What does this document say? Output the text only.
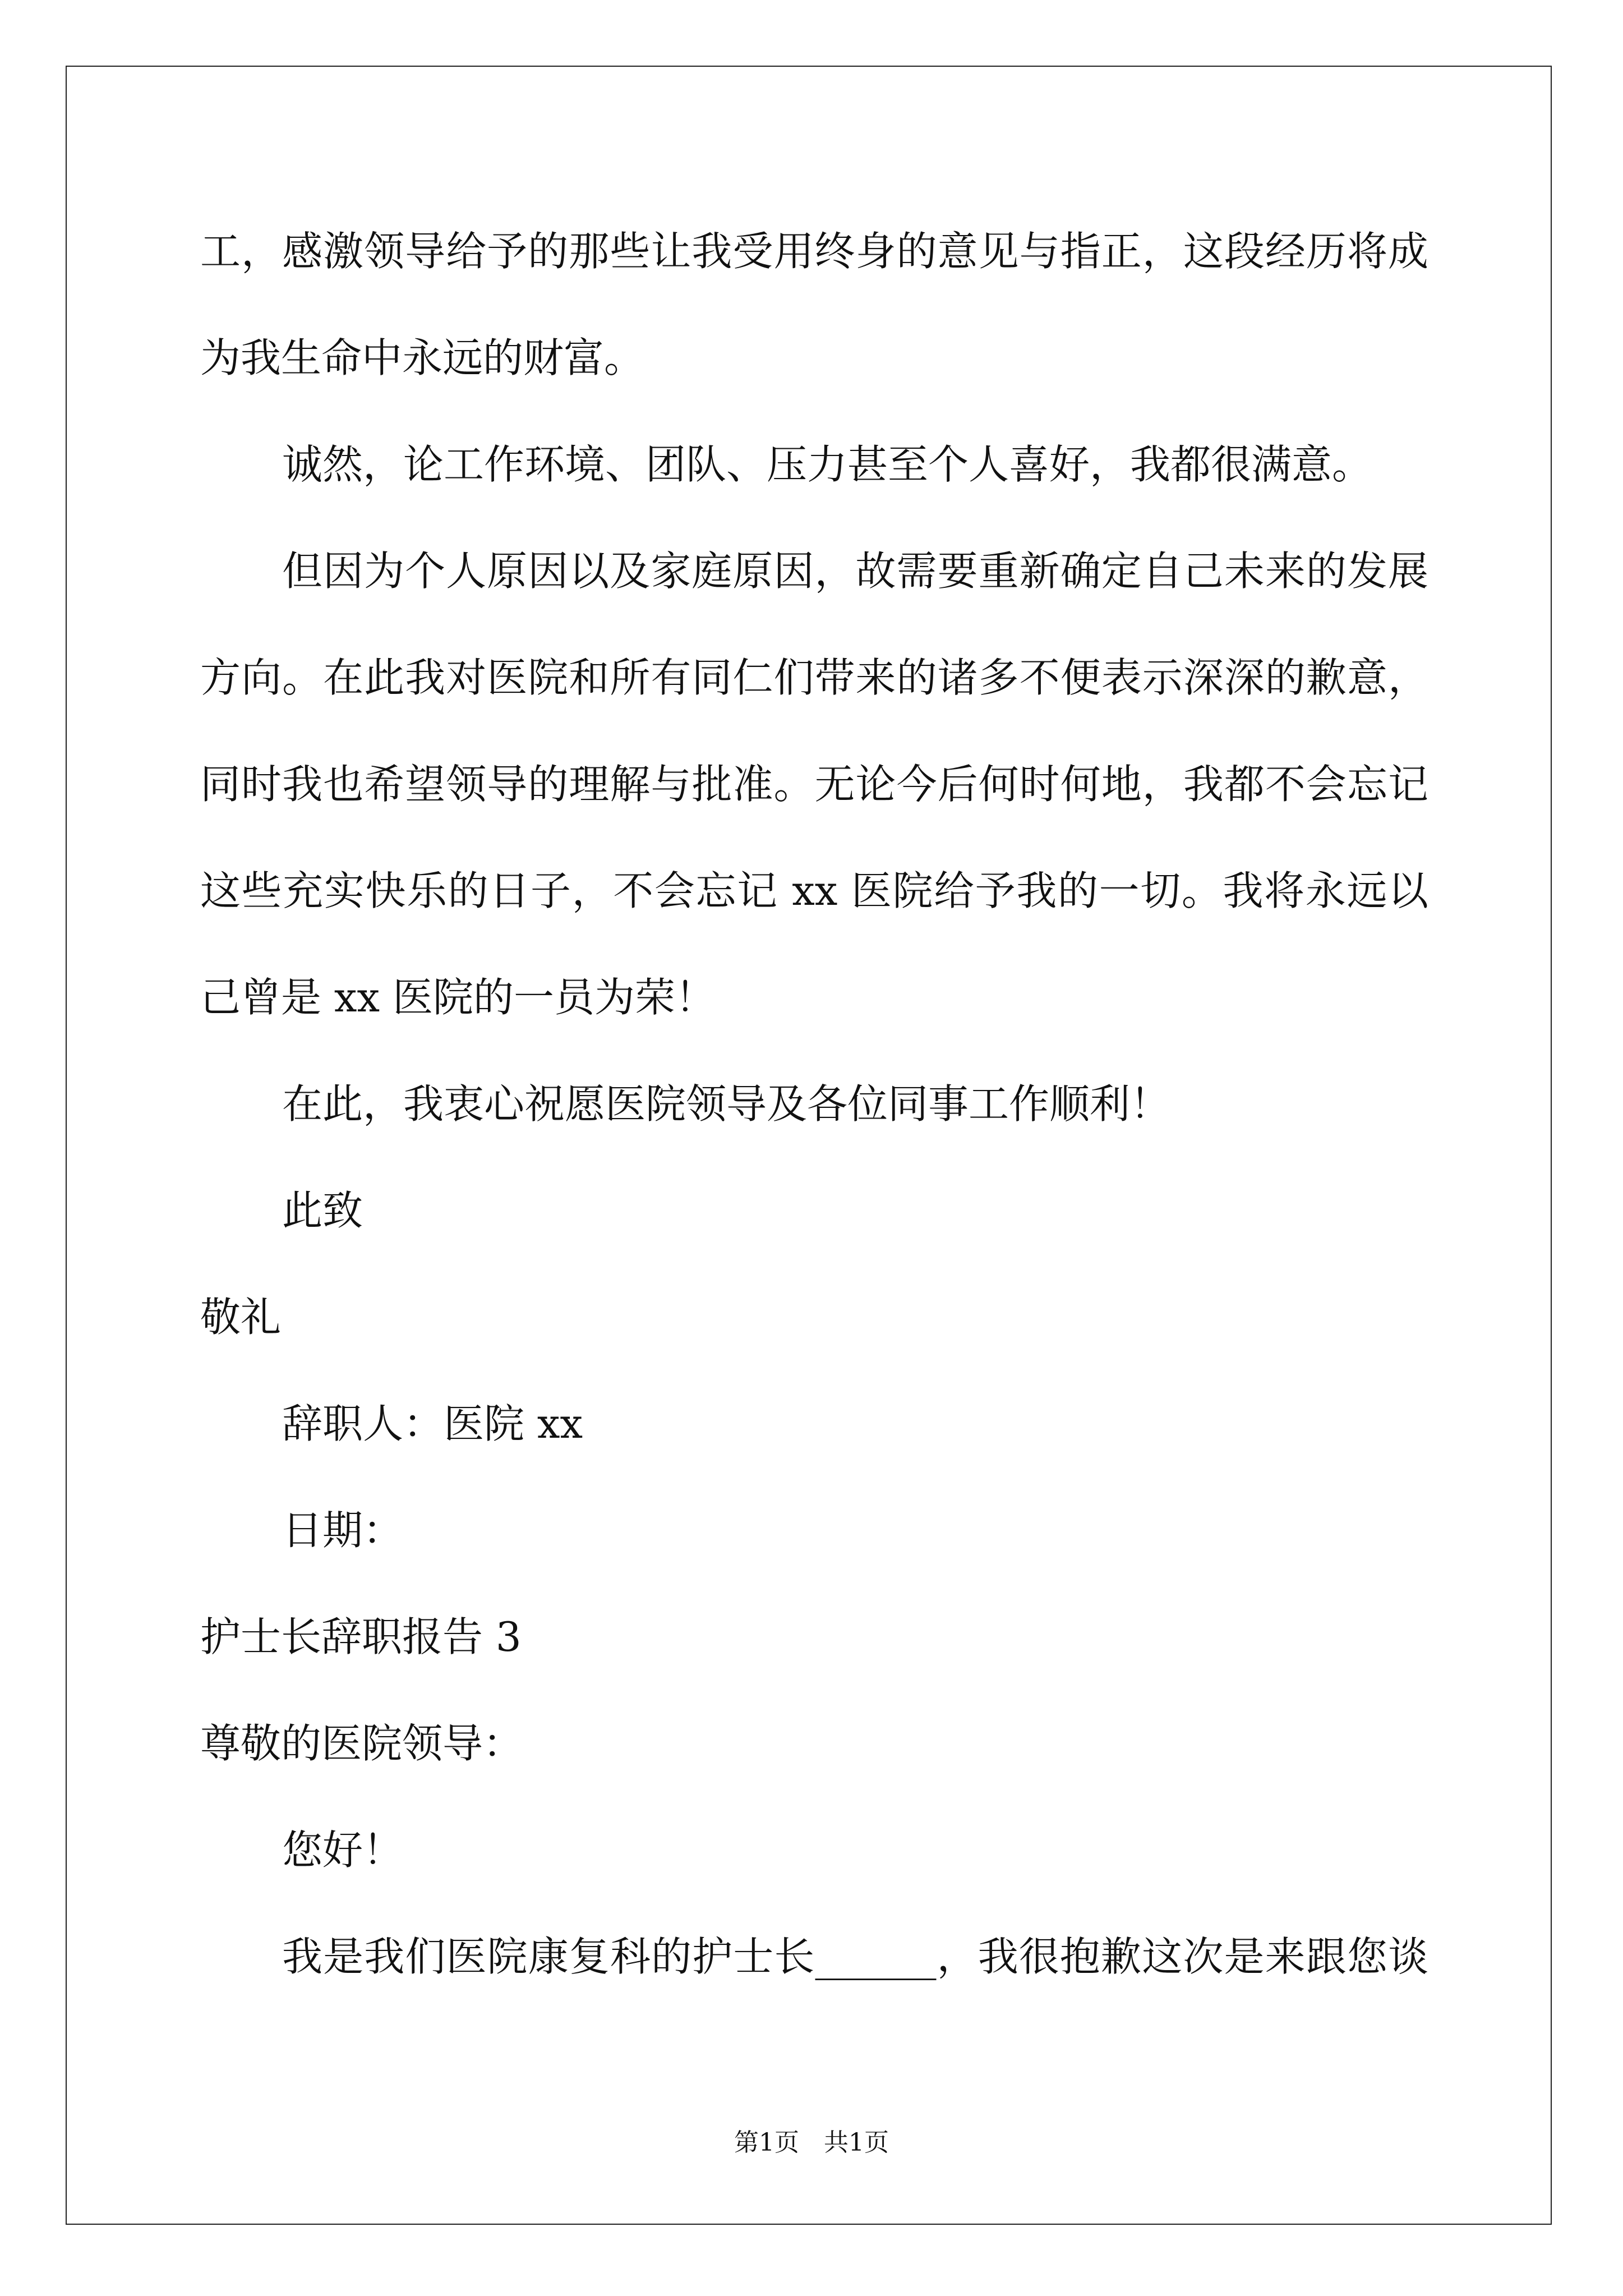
工，感激领导给予的那些让我受用终身的意见与指正，这段经历将成
为我生命中永远的财富。
诚然，论工作环境、团队、压力甚至个人喜好，我都很满意。
但因为个人原因以及家庭原因，故需要重新确定自己未来的发展
方向。在此我对医院和所有同仁们带来的诸多不便表示深深的歉意，
同时我也希望领导的理解与批准。无论今后何时何地，我都不会忘记
这些充实快乐的日子，不会忘记 xx 医院给予我的一切。我将永远以
己曾是 xx 医院的一员为荣！
在此，我衷心祝愿医院领导及各位同事工作顺利！
此致
敬礼
辞职人：医院 xx
日期：
护士长辞职报告 3
尊敬的医院领导：
您好！
我是我们医院康复科的护士长______，我很抱歉这次是来跟您谈
第1页　共1页
